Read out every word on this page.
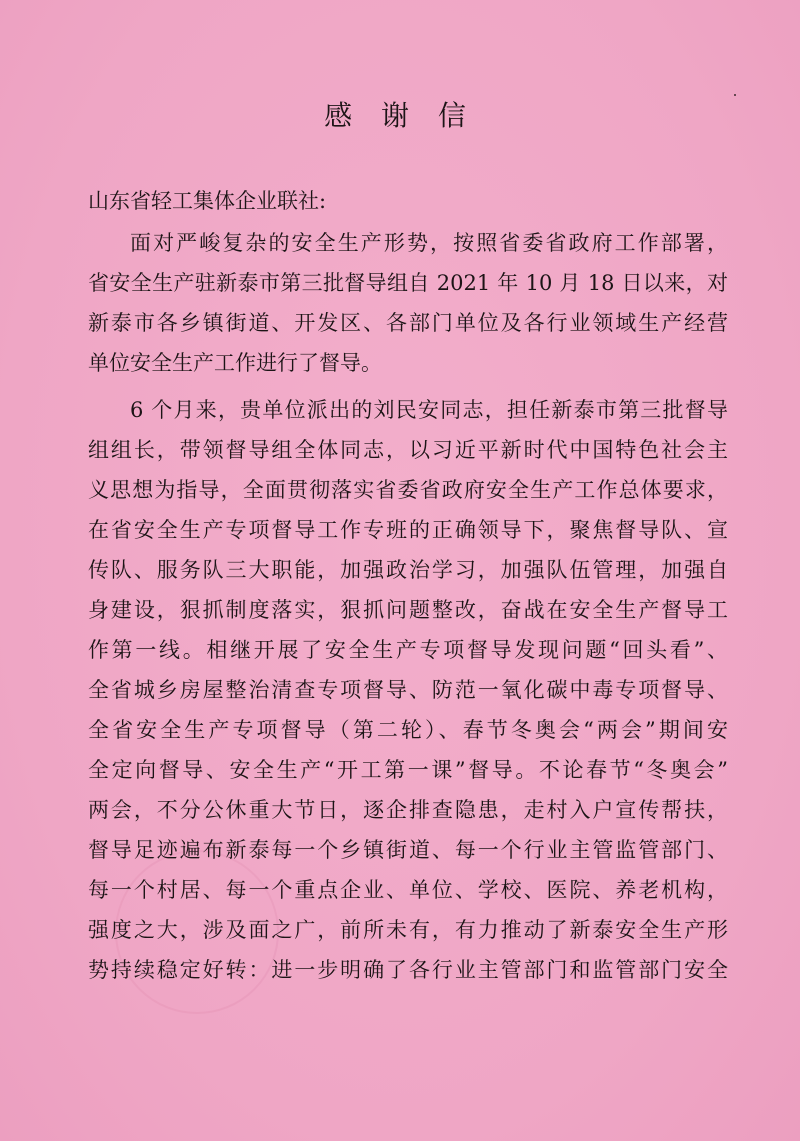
感 谢 信
山东省轻工集体企业联社:
面对严峻复杂的安全生产形势，按照省委省政府工作部署，
省安全生产驻新泰市第三批督导组自 2021 年 10 月 18 日以来，对
新泰市各乡镇街道、开发区、各部门单位及各行业领域生产经营
单位安全生产工作进行了督导。
6 个月来，贵单位派出的刘民安同志，担任新泰市第三批督导
组组长，带领督导组全体同志，以习近平新时代中国特色社会主
义思想为指导，全面贯彻落实省委省政府安全生产工作总体要求，
在省安全生产专项督导工作专班的正确领导下，聚焦督导队、宣
传队、服务队三大职能，加强政治学习，加强队伍管理，加强自
身建设，狠抓制度落实，狠抓问题整改，奋战在安全生产督导工
作第一线。相继开展了安全生产专项督导发现问题“回头看”、
全省城乡房屋整治清查专项督导、防范一氧化碳中毒专项督导、
全省安全生产专项督导（第二轮）、春节冬奥会“两会”期间安
全定向督导、安全生产“开工第一课”督导。不论春节“冬奥会”
两会，不分公休重大节日，逐企排查隐患，走村入户宣传帮扶，
督导足迹遍布新泰每一个乡镇街道、每一个行业主管监管部门、
每一个村居、每一个重点企业、单位、学校、医院、养老机构，
强度之大，涉及面之广，前所未有，有力推动了新泰安全生产形
势持续稳定好转：进一步明确了各行业主管部门和监管部门安全
